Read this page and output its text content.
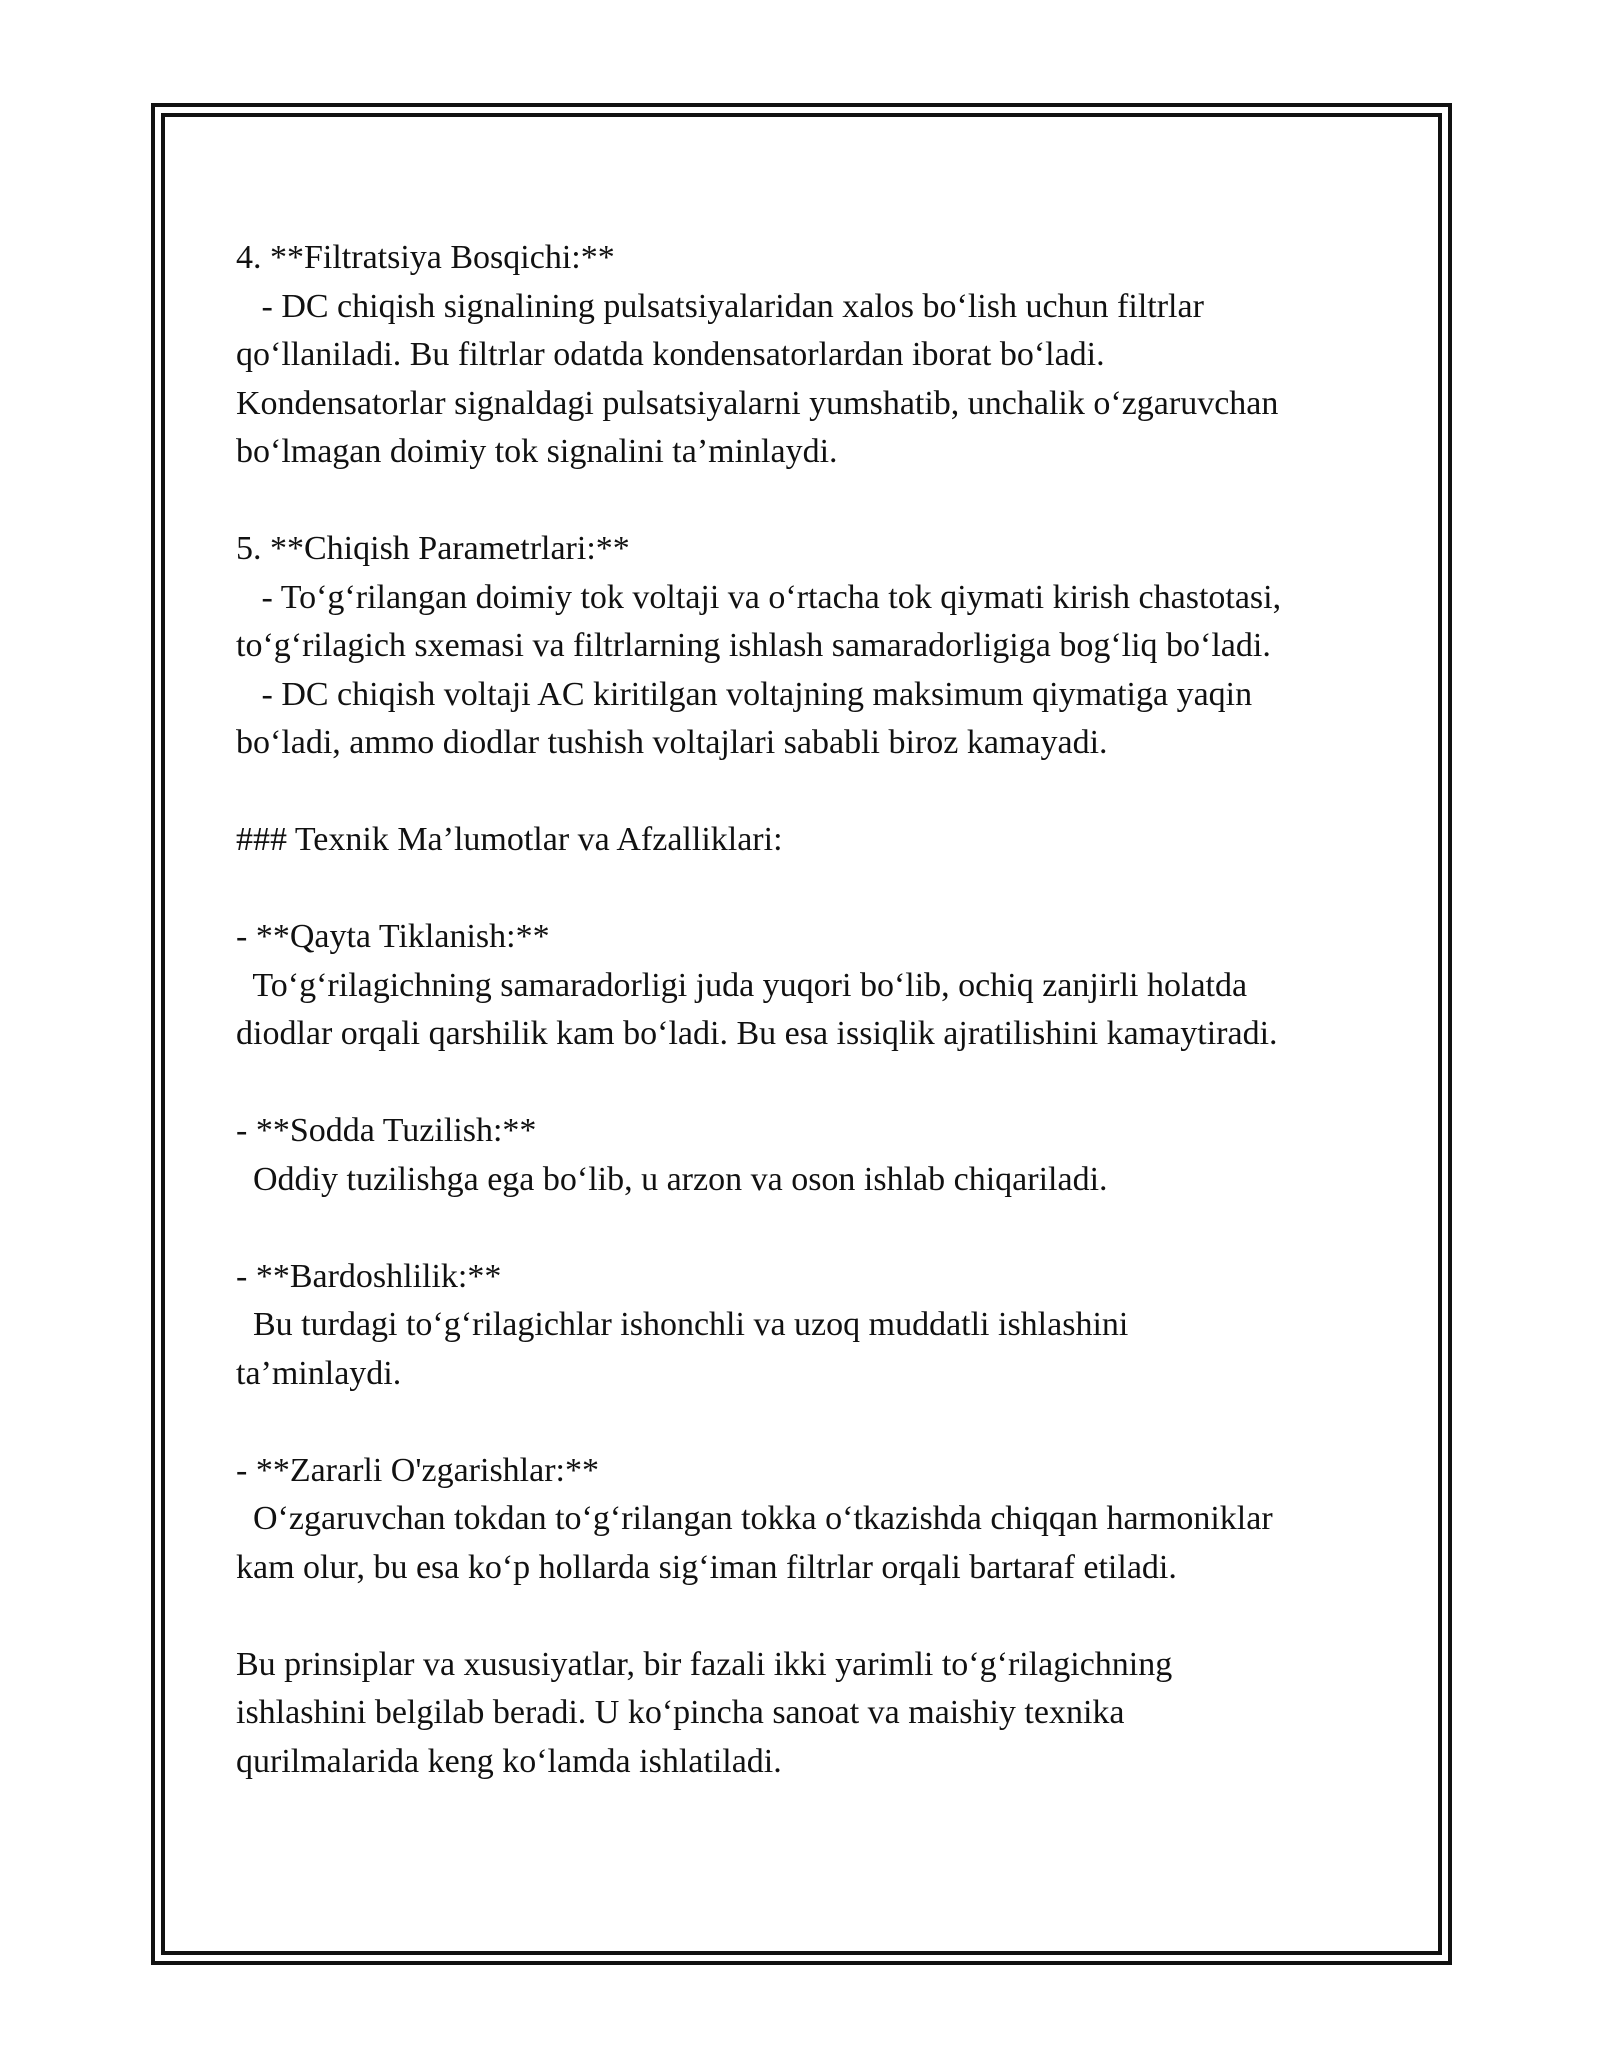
4. **Filtratsiya Bosqichi:**
- DC chiqish signalining pulsatsiyalaridan xalos bo‘lish uchun filtrlar
qo‘llaniladi. Bu filtrlar odatda kondensatorlardan iborat bo‘ladi.
Kondensatorlar signaldagi pulsatsiyalarni yumshatib, unchalik o‘zgaruvchan
bo‘lmagan doimiy tok signalini ta’minlaydi.
5. **Chiqish Parametrlari:**
- To‘g‘rilangan doimiy tok voltaji va o‘rtacha tok qiymati kirish chastotasi,
to‘g‘rilagich sxemasi va filtrlarning ishlash samaradorligiga bog‘liq bo‘ladi.
- DC chiqish voltaji AC kiritilgan voltajning maksimum qiymatiga yaqin
bo‘ladi, ammo diodlar tushish voltajlari sababli biroz kamayadi.
### Texnik Ma’lumotlar va Afzalliklari:
- **Qayta Tiklanish:**
To‘g‘rilagichning samaradorligi juda yuqori bo‘lib, ochiq zanjirli holatda
diodlar orqali qarshilik kam bo‘ladi. Bu esa issiqlik ajratilishini kamaytiradi.
- **Sodda Tuzilish:**
Oddiy tuzilishga ega bo‘lib, u arzon va oson ishlab chiqariladi.
- **Bardoshlilik:**
Bu turdagi to‘g‘rilagichlar ishonchli va uzoq muddatli ishlashini
ta’minlaydi.
- **Zararli O'zgarishlar:**
O‘zgaruvchan tokdan to‘g‘rilangan tokka o‘tkazishda chiqqan harmoniklar
kam olur, bu esa ko‘p hollarda sig‘iman filtrlar orqali bartaraf etiladi.
Bu prinsiplar va xususiyatlar, bir fazali ikki yarimli to‘g‘rilagichning
ishlashini belgilab beradi. U ko‘pincha sanoat va maishiy texnika
qurilmalarida keng ko‘lamda ishlatiladi.
